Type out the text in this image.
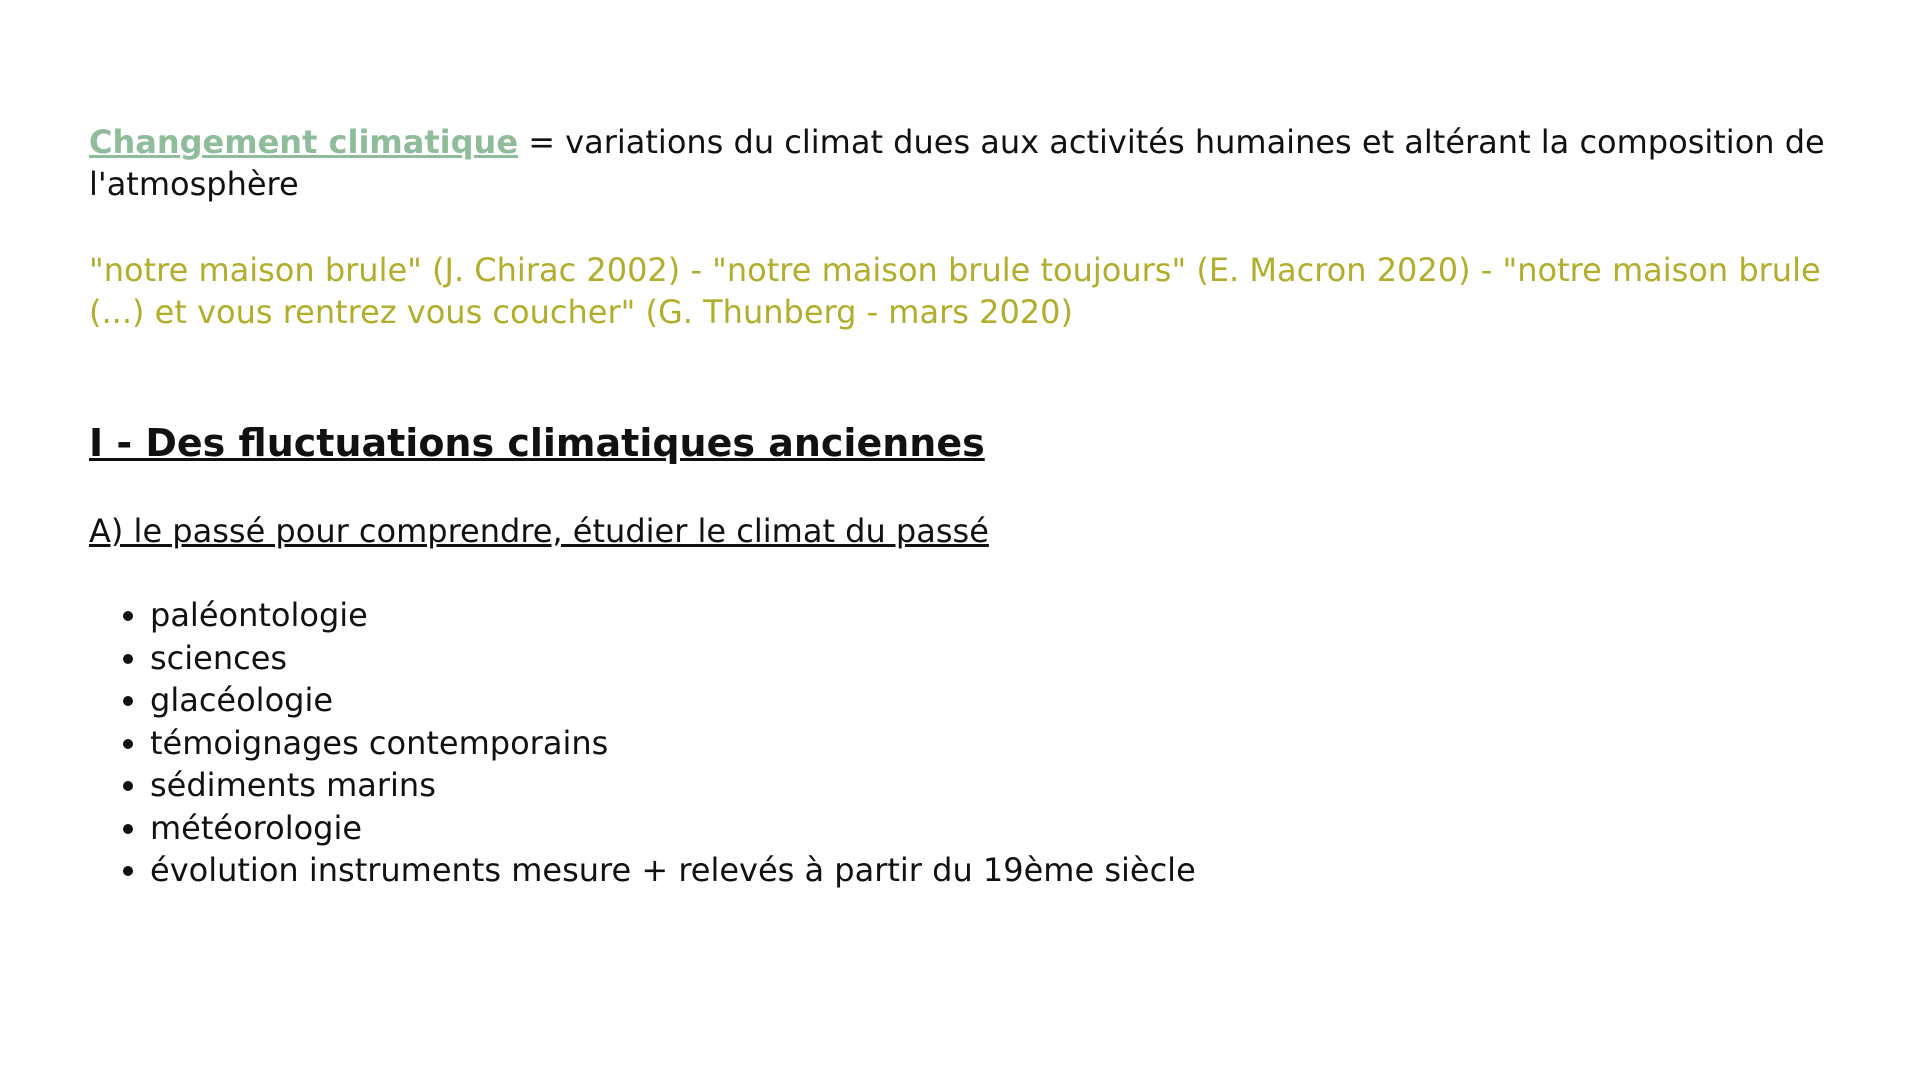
Changement climatique = variations du climat dues aux activités humaines et altérant la composition de l'atmosphère
"notre maison brule" (J. Chirac 2002) - "notre maison brule toujours" (E. Macron 2020) - "notre maison brule (...) et vous rentrez vous coucher" (G. Thunberg - mars 2020)
I - Des fluctuations climatiques anciennes
A) le passé pour comprendre, étudier le climat du passé
• paléontologie
• sciences
• glacéologie
• témoignages contemporains
• sédiments marins
• météorologie
• évolution instruments mesure + relevés à partir du 19ème siècle
